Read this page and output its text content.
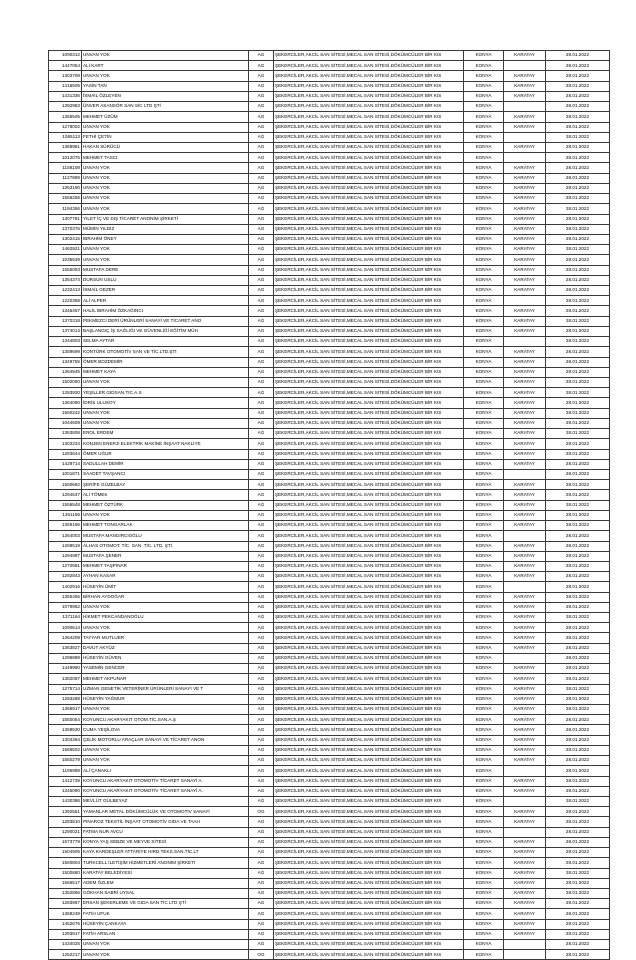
1090312	UNVAN YOK	AG	ŞEKERCİLER,AKCİL SAN SİTESİ,MECAL SAN SİTESİ,DÖKÜMCÜLER BİR KIS	KONYA	KARATAY	28.01.2022
1447054	ALİ KART	AG	ŞEKERCİLER,AKCİL SAN SİTESİ,MECAL SAN SİTESİ,DÖKÜMCÜLER BİR KIS	KONYA		28.01.2022
1303708	UNVAN YOK	AG	ŞEKERCİLER,AKCİL SAN SİTESİ,MECAL SAN SİTESİ,DÖKÜMCÜLER BİR KIS	KONYA	KARATAY	28.01.2022
1416505	YASİN TAN	AG	ŞEKERCİLER,AKCİL SAN SİTESİ,MECAL SAN SİTESİ,DÖKÜMCÜLER BİR KIS	KONYA	KARATAY	28.01.2022
1431336	İSMAİL ÖZLEYEN	AG	ŞEKERCİLER,AKCİL SAN SİTESİ,MECAL SAN SİTESİ,DÖKÜMCÜLER BİR KIS	KONYA	KARATAY	28.01.2022
1392983	ÜNVER ASANSÖR SAN SİC LTD ŞTİ	AG	ŞEKERCİLER,AKCİL SAN SİTESİ,MECAL SAN SİTESİ,DÖKÜMCÜLER BİR KIS	KONYA		28.01.2022
1356505	MEHMET ÜZÜM	AG	ŞEKERCİLER,AKCİL SAN SİTESİ,MECAL SAN SİTESİ,DÖKÜMCÜLER BİR KIS	KONYA	KARATAY	28.01.2022
1278002	UNVAN YOK	AG	ŞEKERCİLER,AKCİL SAN SİTESİ,MECAL SAN SİTESİ,DÖKÜMCÜLER BİR KIS	KONYA	KARATAY	28.01.2022
1065113	FETHİ ÇETİN	AG	ŞEKERCİLER,AKCİL SAN SİTESİ,MECAL SAN SİTESİ,DÖKÜMCÜLER BİR KIS	KONYA		28.01.2022
1368981	HAKAN SÜRÜCÜ	AG	ŞEKERCİLER,AKCİL SAN SİTESİ,MECAL SAN SİTESİ,DÖKÜMCÜLER BİR KIS	KONYA	KARATAY	28.01.2022
1012075	MEHMET TASCI	AG	ŞEKERCİLER,AKCİL SAN SİTESİ,MECAL SAN SİTESİ,DÖKÜMCÜLER BİR KIS	KONYA		28.01.2022
1158108	UNVAN YOK	AG	ŞEKERCİLER,AKCİL SAN SİTESİ,MECAL SAN SİTESİ,DÖKÜMCÜLER BİR KIS	KONYA	KARATAY	28.01.2022
1127889	UNVAN YOK	AG	ŞEKERCİLER,AKCİL SAN SİTESİ,MECAL SAN SİTESİ,DÖKÜMCÜLER BİR KIS	KONYA	KARATAY	28.01.2022
1363190	UNVAN YOK	AG	ŞEKERCİLER,AKCİL SAN SİTESİ,MECAL SAN SİTESİ,DÖKÜMCÜLER BİR KIS	KONYA	KARATAY	28.01.2022
1556256	UNVAN YOK	AG	ŞEKERCİLER,AKCİL SAN SİTESİ,MECAL SAN SİTESİ,DÖKÜMCÜLER BİR KIS	KONYA	KARATAY	28.01.2022
1194356	UNVAN YOK	AG	ŞEKERCİLER,AKCİL SAN SİTESİ,MECAL SAN SİTESİ,DÖKÜMCÜLER BİR KIS	KONYA	KARATAY	28.01.2022
1307781	YILET İÇ VE DIŞ TİCARET ANONİM ŞİRKETİ	AG	ŞEKERCİLER,AKCİL SAN SİTESİ,MECAL SAN SİTESİ,DÖKÜMCÜLER BİR KIS	KONYA	KARATAY	28.01.2022
1370376	MÜMİN YILDIZ	AG	ŞEKERCİLER,AKCİL SAN SİTESİ,MECAL SAN SİTESİ,DÖKÜMCÜLER BİR KIS	KONYA	KARATAY	28.01.2022
1302415	İBRAHİM ÖNEY	AG	ŞEKERCİLER,AKCİL SAN SİTESİ,MECAL SAN SİTESİ,DÖKÜMCÜLER BİR KIS	KONYA	KARATAY	28.01.2022
1462921	UNVAN YOK	AG	ŞEKERCİLER,AKCİL SAN SİTESİ,MECAL SAN SİTESİ,DÖKÜMCÜLER BİR KIS	KONYA	KARATAY	28.01.2022
1035539	UNVAN YOK	AG	ŞEKERCİLER,AKCİL SAN SİTESİ,MECAL SAN SİTESİ,DÖKÜMCÜLER BİR KIS	KONYA	KARATAY	28.01.2022
1555093	MUSTAFA DERE	AG	ŞEKERCİLER,AKCİL SAN SİTESİ,MECAL SAN SİTESİ,DÖKÜMCÜLER BİR KIS	KONYA	KARATAY	28.01.2022
1354374	DURSUN USLU	AG	ŞEKERCİLER,AKCİL SAN SİTESİ,MECAL SAN SİTESİ,DÖKÜMCÜLER BİR KIS	KONYA	KARATAY	28.01.2022
1232413	İSMAİL GEZER	AG	ŞEKERCİLER,AKCİL SAN SİTESİ,MECAL SAN SİTESİ,DÖKÜMCÜLER BİR KIS	KONYA	KARATAY	28.01.2022
1220358	ALİ ALPER	AG	ŞEKERCİLER,AKCİL SAN SİTESİ,MECAL SAN SİTESİ,DÖKÜMCÜLER BİR KIS	KONYA		28.01.2022
1345467	HALİL İBRAHİM ÖZKAĞINCI	AG	ŞEKERCİLER,AKCİL SAN SİTESİ,MECAL SAN SİTESİ,DÖKÜMCÜLER BİR KIS	KONYA	KARATAY	28.01.2022
1370318	PEKMEZCİ DERİ ÜRÜNLERİ SANAYİ VE TİCARET ANO	AG	ŞEKERCİLER,AKCİL SAN SİTESİ,MECAL SAN SİTESİ,DÖKÜMCÜLER BİR KIS	KONYA	KARATAY	28.01.2022
1374014	BAŞLANGIÇ İŞ SAĞLIĞI VE GÜVENLİĞİ EĞİTİM MÜH	AG	ŞEKERCİLER,AKCİL SAN SİTESİ,MECAL SAN SİTESİ,DÖKÜMCÜLER BİR KIS	KONYA	KARATAY	28.01.2022
1344803	SELMA AYTAR	AG	ŞEKERCİLER,AKCİL SAN SİTESİ,MECAL SAN SİTESİ,DÖKÜMCÜLER BİR KIS	KONYA		28.01.2022
1359699	KONTÜRK OTOMOTİV SAN VE TİC.LTD.ŞTİ	AG	ŞEKERCİLER,AKCİL SAN SİTESİ,MECAL SAN SİTESİ,DÖKÜMCÜLER BİR KIS	KONYA	KARATAY	28.01.2022
1349755	ÖMER BOZDEMİR	AG	ŞEKERCİLER,AKCİL SAN SİTESİ,MECAL SAN SİTESİ,DÖKÜMCÜLER BİR KIS	KONYA	KARATAY	28.01.2022
1364945	MEHMET KAYA	AG	ŞEKERCİLER,AKCİL SAN SİTESİ,MECAL SAN SİTESİ,DÖKÜMCÜLER BİR KIS	KONYA	KARATAY	28.01.2022
1502060	UNVAN YOK	AG	ŞEKERCİLER,AKCİL SAN SİTESİ,MECAL SAN SİTESİ,DÖKÜMCÜLER BİR KIS	KONYA	KARATAY	28.01.2022
1283930	YEŞİLLER GIDSAN.TIC.A.S	AG	ŞEKERCİLER,AKCİL SAN SİTESİ,MECAL SAN SİTESİ,DÖKÜMCÜLER BİR KIS	KONYA	KARATAY	28.01.2022
1364090	İDRİS ULUSOY	AG	ŞEKERCİLER,AKCİL SAN SİTESİ,MECAL SAN SİTESİ,DÖKÜMCÜLER BİR KIS	KONYA	KARATAY	28.01.2022
1550242	UNVAN YOK	AG	ŞEKERCİLER,AKCİL SAN SİTESİ,MECAL SAN SİTESİ,DÖKÜMCÜLER BİR KIS	KONYA	KARATAY	28.01.2022
1044609	UNVAN YOK	AG	ŞEKERCİLER,AKCİL SAN SİTESİ,MECAL SAN SİTESİ,DÖKÜMCÜLER BİR KIS	KONYA	KARATAY	28.01.2022
1363808	EROL ERDEM	AG	ŞEKERCİLER,AKCİL SAN SİTESİ,MECAL SAN SİTESİ,DÖKÜMCÜLER BİR KIS	KONYA	KARATAY	28.01.2022
1303234	KONJEN ENERJİ ELEKTRİK MAKİNE İNŞAAT NAKLİYE	AG	ŞEKERCİLER,AKCİL SAN SİTESİ,MECAL SAN SİTESİ,DÖKÜMCÜLER BİR KIS	KONYA	KARATAY	28.01.2022
1283644	ÖMER UĞUR	AG	ŞEKERCİLER,AKCİL SAN SİTESİ,MECAL SAN SİTESİ,DÖKÜMCÜLER BİR KIS	KONYA	KARATAY	28.01.2022
1428714	SADULLAH DEMİR	AG	ŞEKERCİLER,AKCİL SAN SİTESİ,MECAL SAN SİTESİ,DÖKÜMCÜLER BİR KIS	KONYA	KARATAY	28.01.2022
1001871	SAADET TAVŞANCI	AG	ŞEKERCİLER,AKCİL SAN SİTESİ,MECAL SAN SİTESİ,DÖKÜMCÜLER BİR KIS	KONYA		28.01.2022
1550682	ŞERİFE GÜZELBAY	AG	ŞEKERCİLER,AKCİL SAN SİTESİ,MECAL SAN SİTESİ,DÖKÜMCÜLER BİR KIS	KONYA	KARATAY	28.01.2022
1294547	ALİ TÖMEK	AG	ŞEKERCİLER,AKCİL SAN SİTESİ,MECAL SAN SİTESİ,DÖKÜMCÜLER BİR KIS	KONYA	KARATAY	28.01.2022
1556548	MEHMET ÖZTÜRK	AG	ŞEKERCİLER,AKCİL SAN SİTESİ,MECAL SAN SİTESİ,DÖKÜMCÜLER BİR KIS	KONYA	KARATAY	28.01.2022
1361156	UNVAN YOK	AG	ŞEKERCİLER,AKCİL SAN SİTESİ,MECAL SAN SİTESİ,DÖKÜMCÜLER BİR KIS	KONYA	KARATAY	28.01.2022
1359186	MEHMET TONGARLAK	AG	ŞEKERCİLER,AKCİL SAN SİTESİ,MECAL SAN SİTESİ,DÖKÜMCÜLER BİR KIS	KONYA	KARATAY	28.01.2022
1364003	MUSTAFA MANGIRCIOĞLU	AG	ŞEKERCİLER,AKCİL SAN SİTESİ,MECAL SAN SİTESİ,DÖKÜMCÜLER BİR KIS	KONYA		28.01.2022
1268519	ALHAS OTOMOT. TİC. SAN. TİC. LTD. ŞTİ.	AG	ŞEKERCİLER,AKCİL SAN SİTESİ,MECAL SAN SİTESİ,DÖKÜMCÜLER BİR KIS	KONYA	KARATAY	28.01.2022
1294987	MUSTAFA ŞENER	AG	ŞEKERCİLER,AKCİL SAN SİTESİ,MECAL SAN SİTESİ,DÖKÜMCÜLER BİR KIS	KONYA	KARATAY	28.01.2022
1270581	MEHMET TAŞPINAR	AG	ŞEKERCİLER,AKCİL SAN SİTESİ,MECAL SAN SİTESİ,DÖKÜMCÜLER BİR KIS	KONYA	KARATAY	28.01.2022
1292843	AYHAN KASAR	AG	ŞEKERCİLER,AKCİL SAN SİTESİ,MECAL SAN SİTESİ,DÖKÜMCÜLER BİR KIS	KONYA	KARATAY	28.01.2022
1402916	HÜSEYİN ÜMİT	AG	ŞEKERCİLER,AKCİL SAN SİTESİ,MECAL SAN SİTESİ,DÖKÜMCÜLER BİR KIS	KONYA		28.01.2022
1355455	BİRHAN AYDOĞAR	AG	ŞEKERCİLER,AKCİL SAN SİTESİ,MECAL SAN SİTESİ,DÖKÜMCÜLER BİR KIS	KONYA	KARATAY	28.01.2022
1079962	UNVAN YOK	AG	ŞEKERCİLER,AKCİL SAN SİTESİ,MECAL SAN SİTESİ,DÖKÜMCÜLER BİR KIS	KONYA	KARATAY	28.01.2022
1371164	HİKMET PEKCANDANOĞLU	AG	ŞEKERCİLER,AKCİL SAN SİTESİ,MECAL SAN SİTESİ,DÖKÜMCÜLER BİR KIS	KONYA	KARATAY	28.01.2022
1090514	UNVAN YOK	AG	ŞEKERCİLER,AKCİL SAN SİTESİ,MECAL SAN SİTESİ,DÖKÜMCÜLER BİR KIS	KONYA	KARATAY	28.01.2022
1364209	TAYYAR MUTLUER	AG	ŞEKERCİLER,AKCİL SAN SİTESİ,MECAL SAN SİTESİ,DÖKÜMCÜLER BİR KIS	KONYA	KARATAY	28.01.2022
1363827	DAVUT AKYÜZ	AG	ŞEKERCİLER,AKCİL SAN SİTESİ,MECAL SAN SİTESİ,DÖKÜMCÜLER BİR KIS	KONYA	KARATAY	28.01.2022
1296889	HÜSEYİN GÜVEN	AG	ŞEKERCİLER,AKCİL SAN SİTESİ,MECAL SAN SİTESİ,DÖKÜMCÜLER BİR KIS	KONYA		28.01.2022
1449980	YASEMİN GENCER	AG	ŞEKERCİLER,AKCİL SAN SİTESİ,MECAL SAN SİTESİ,DÖKÜMCÜLER BİR KIS	KONYA	KARATAY	28.01.2022
1382097	MEHMET AKPUNAR	AG	ŞEKERCİLER,AKCİL SAN SİTESİ,MECAL SAN SİTESİ,DÖKÜMCÜLER BİR KIS	KONYA	KARATAY	28.01.2022
1275714	UZMAN GENETİK VETERİNER ÜRÜNLERİ SANAYİ VE T	AG	ŞEKERCİLER,AKCİL SAN SİTESİ,MECAL SAN SİTESİ,DÖKÜMCÜLER BİR KIS	KONYA	KARATAY	28.01.2022
1283288	HÜSEYİN YAĞMUR	AG	ŞEKERCİLER,AKCİL SAN SİTESİ,MECAL SAN SİTESİ,DÖKÜMCÜLER BİR KIS	KONYA	KARATAY	28.01.2022
1366917	UNVAN YOK	AG	ŞEKERCİLER,AKCİL SAN SİTESİ,MECAL SAN SİTESİ,DÖKÜMCÜLER BİR KIS	KONYA	KARATAY	28.01.2022
1550054	KOYUNCU AKARYAKIT OTOM.TİC.SAN.A.Ş	AG	ŞEKERCİLER,AKCİL SAN SİTESİ,MECAL SAN SİTESİ,DÖKÜMCÜLER BİR KIS	KONYA	KARATAY	28.01.2022
1369530	CUMA YEŞİLOVA	AG	ŞEKERCİLER,AKCİL SAN SİTESİ,MECAL SAN SİTESİ,DÖKÜMCÜLER BİR KIS	KONYA	KARATAY	28.01.2022
1304364	ÇELİK MOTORLU ARAÇLAR SANAYİ VE TİCARET ANON	AG	ŞEKERCİLER,AKCİL SAN SİTESİ,MECAL SAN SİTESİ,DÖKÜMCÜLER BİR KIS	KONYA	KARATAY	28.01.2022
1566502	UNVAN YOK	AG	ŞEKERCİLER,AKCİL SAN SİTESİ,MECAL SAN SİTESİ,DÖKÜMCÜLER BİR KIS	KONYA	KARATAY	28.01.2022
1550279	UNVAN YOK	AG	ŞEKERCİLER,AKCİL SAN SİTESİ,MECAL SAN SİTESİ,DÖKÜMCÜLER BİR KIS	KONYA	KARATAY	28.01.2022
1196998	ALİ ÇANAKLI	AG	ŞEKERCİLER,AKCİL SAN SİTESİ,MECAL SAN SİTESİ,DÖKÜMCÜLER BİR KIS	KONYA		28.01.2022
1412739	KOYUNCU AKARYAKIT OTOMOTİV TİCARET SANAYİ A.	AG	ŞEKERCİLER,AKCİL SAN SİTESİ,MECAL SAN SİTESİ,DÖKÜMCÜLER BİR KIS	KONYA	KARATAY	28.01.2022
1345090	KOYUNCU AKARYAKIT OTOMOTİV TİCARET SANAYİ A.	AG	ŞEKERCİLER,AKCİL SAN SİTESİ,MECAL SAN SİTESİ,DÖKÜMCÜLER BİR KIS	KONYA	KARATAY	28.01.2022
1430386	MEVLÜT GÜLBEYAZ	AG	ŞEKERCİLER,AKCİL SAN SİTESİ,MECAL SAN SİTESİ,DÖKÜMCÜLER BİR KIS	KONYA		28.01.2022
1392551	YAMANLAR METAL DÖKÜMCÜLÜK VE OTOMOTİV SANAYİ	OG	ŞEKERCİLER,AKCİL SAN SİTESİ,MECAL SAN SİTESİ,DÖKÜMCÜLER BİR KIS	KONYA	KARATAY	28.01.2022
1283810	PINAROZ TEKSTİL İNŞAAT OTOMOTİV GIDA VE TAAH	AG	ŞEKERCİLER,AKCİL SAN SİTESİ,MECAL SAN SİTESİ,DÖKÜMCÜLER BİR KIS	KONYA	KARATAY	28.01.2022
1290021	FATMA NUR AVCU	AG	ŞEKERCİLER,AKCİL SAN SİTESİ,MECAL SAN SİTESİ,DÖKÜMCÜLER BİR KIS	KONYA		28.01.2022
1573779	KONYA YAŞ SEBZE VE MEYVE SİTESİ	AG	ŞEKERCİLER,AKCİL SAN SİTESİ,MECAL SAN SİTESİ,DÖKÜMCÜLER BİR KIS	KONYA	KARATAY	28.01.2022
1504905	KAYA KARDEŞLER ATTARİYE HIRD.TEKS.SAN.TİC.LT	AG	ŞEKERCİLER,AKCİL SAN SİTESİ,MECAL SAN SİTESİ,DÖKÜMCÜLER BİR KIS	KONYA	KARATAY	28.01.2022
1560804	TURKCELL İLETİŞİM HİZMETLERİ ANONİM ŞİRKETİ	AG	ŞEKERCİLER,AKCİL SAN SİTESİ,MECAL SAN SİTESİ,DÖKÜMCÜLER BİR KIS	KONYA	KARATAY	28.01.2022
1500880	KARATAY BELEDİYESİ	AG	ŞEKERCİLER,AKCİL SAN SİTESİ,MECAL SAN SİTESİ,DÖKÜMCÜLER BİR KIS	KONYA	KARATAY	28.01.2022
1556517	ADEM ÖZLEM	AG	ŞEKERCİLER,AKCİL SAN SİTESİ,MECAL SAN SİTESİ,DÖKÜMCÜLER BİR KIS	KONYA	KARATAY	28.01.2022
1352866	GÖKHAN SABRİ UYSAL	AG	ŞEKERCİLER,AKCİL SAN SİTESİ,MECAL SAN SİTESİ,DÖKÜMCÜLER BİR KIS	KONYA	KARATAY	28.01.2022
1283967	ERSAN ŞEKERLEME VE GIDA SAN TİC LTD ŞTİ	AG	ŞEKERCİLER,AKCİL SAN SİTESİ,MECAL SAN SİTESİ,DÖKÜMCÜLER BİR KIS	KONYA	KARATAY	28.01.2022
1368249	FATİH UFUK	AG	ŞEKERCİLER,AKCİL SAN SİTESİ,MECAL SAN SİTESİ,DÖKÜMCÜLER BİR KIS	KONYA	KARATAY	28.01.2022
1452676	HÜSEYİN ÇANKAYA	AG	ŞEKERCİLER,AKCİL SAN SİTESİ,MECAL SAN SİTESİ,DÖKÜMCÜLER BİR KIS	KONYA	KARATAY	28.01.2022
1393917	FATİH ARSLAN	AG	ŞEKERCİLER,AKCİL SAN SİTESİ,MECAL SAN SİTESİ,DÖKÜMCÜLER BİR KIS	KONYA	KARATAY	28.01.2022
1434025	UNVAN YOK	AG	ŞEKERCİLER,AKCİL SAN SİTESİ,MECAL SAN SİTESİ,DÖKÜMCÜLER BİR KIS	KONYA		28.01.2022
1252217	UNVAN YOK	OG	ŞEKERCİLER,AKCİL SAN SİTESİ,MECAL SAN SİTESİ,DÖKÜMCÜLER BİR KIS	KONYA		28.01.2022
